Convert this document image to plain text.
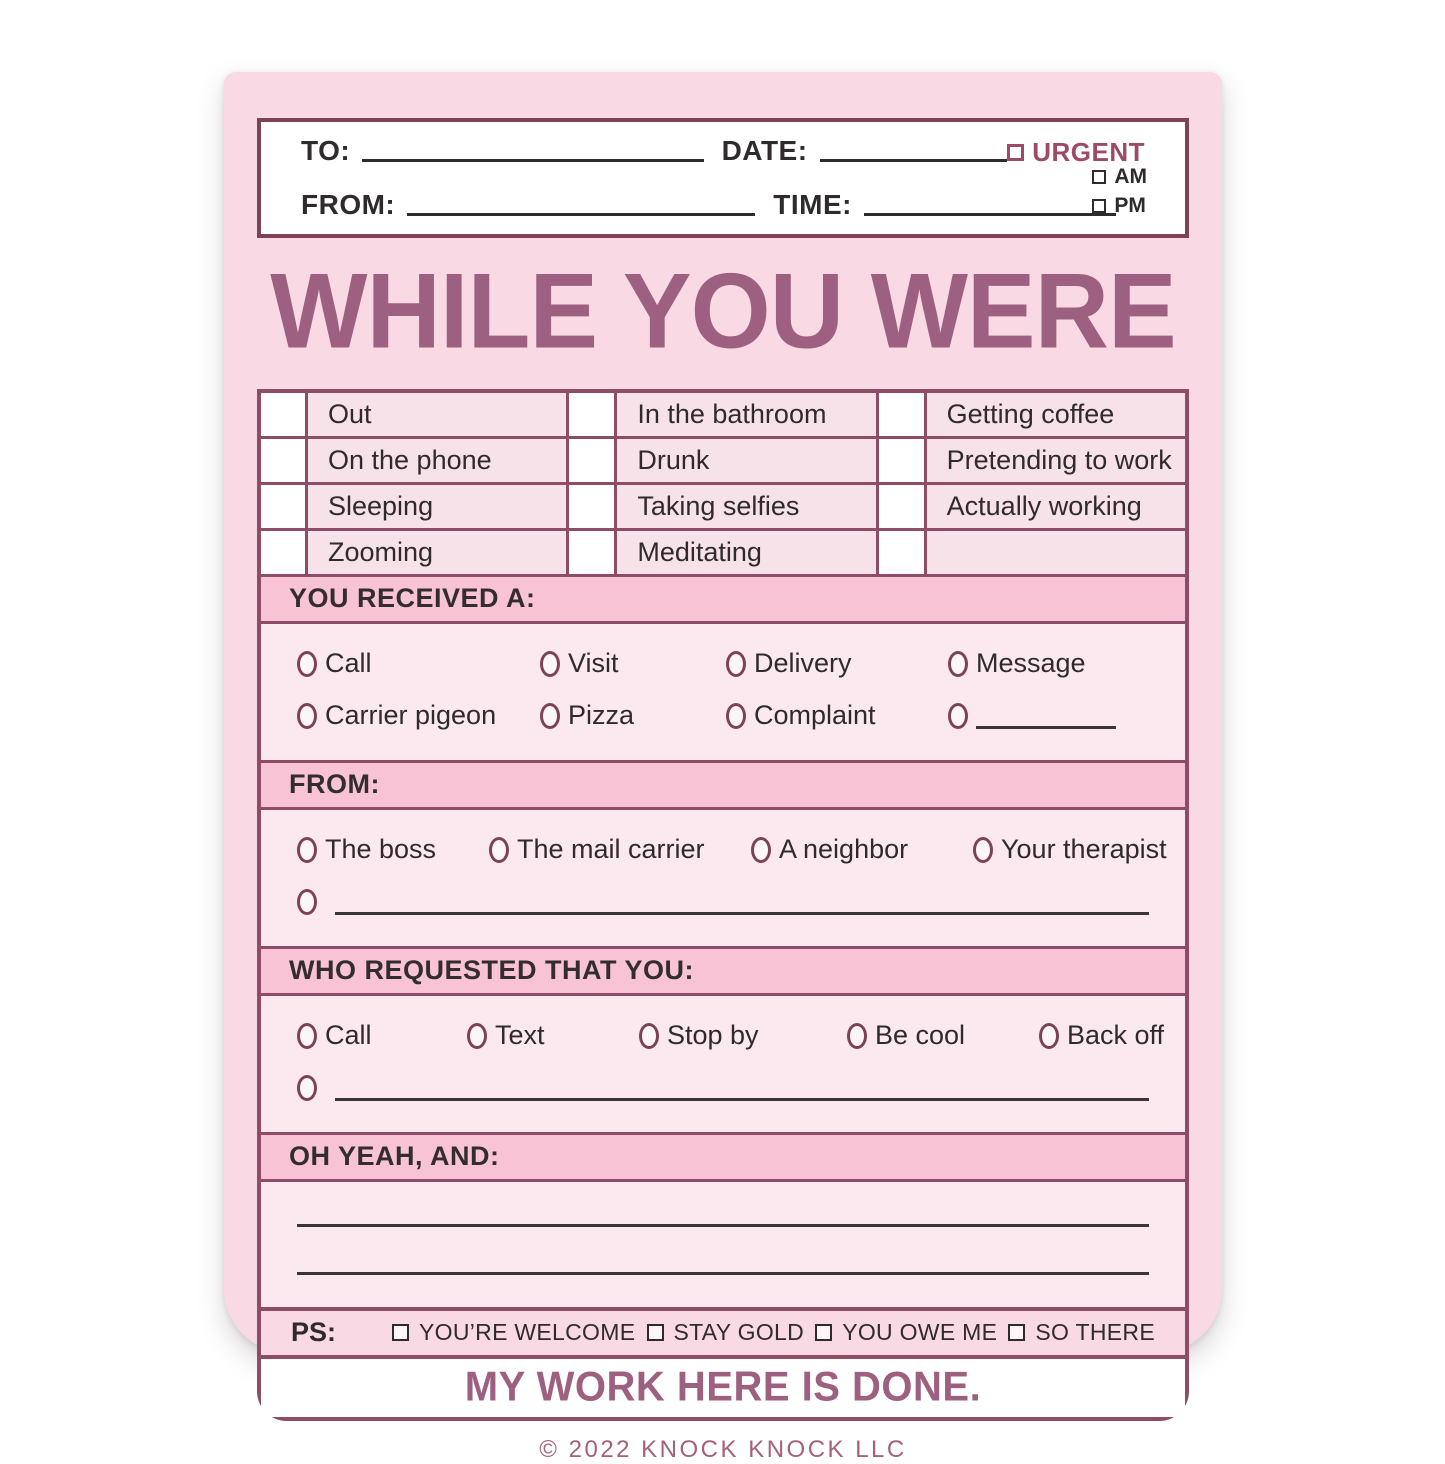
TO:	DATE:	URGENT
FROM:	TIME:
AM
PM
WHILE YOU WERE
Out	In the bathroom	Getting coffee
On the phone	Drunk	Pretending to work
Sleeping	Taking selfies	Actually working
Zooming	Meditating
YOU RECEIVED A:
Call	Visit	Delivery	Message
Carrier pigeon	Pizza	Complaint
FROM:
The boss	The mail carrier	A neighbor	Your therapist
WHO REQUESTED THAT YOU:
Call	Text	Stop by	Be cool	Back off
OH YEAH, AND:
PS:	YOU’RE WELCOME STAY GOLD YOU OWE ME SO THERE
MY WORK HERE IS DONE.
© 2022 KNOCK KNOCK LLC
